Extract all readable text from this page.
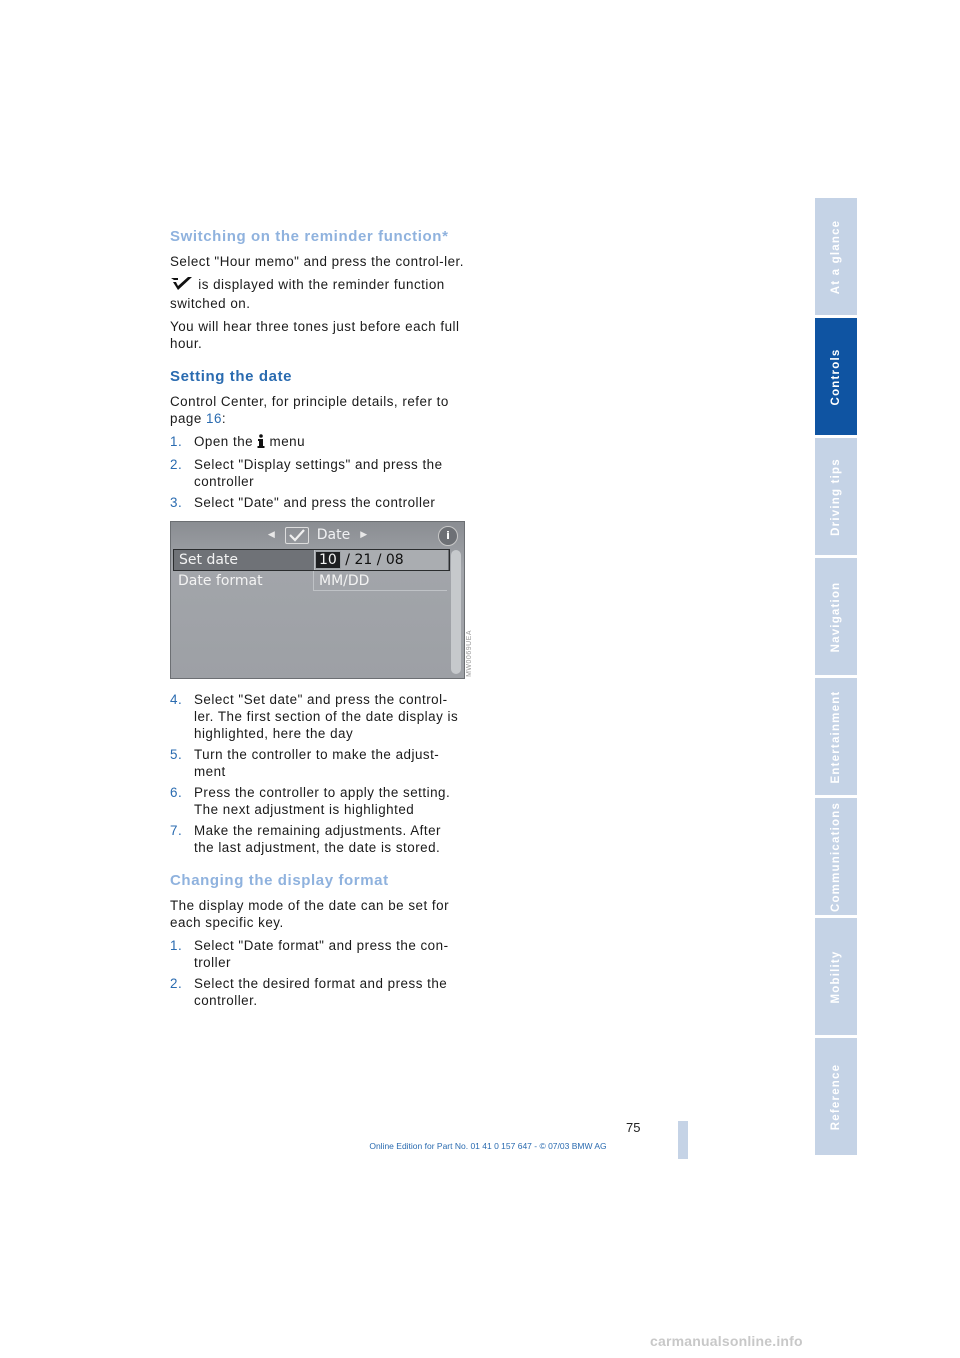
Switching on the reminder function*

Select "Hour memo" and press the control-ler.

is displayed with the reminder function switched on.

You will hear three tones just before each full hour.

Setting the date

Control Center, for principle details, refer to page 16:

1. Open the  menu
2. Select "Display settings" and press the controller
3. Select "Date" and press the controller
◀	Date ▶	i
Set date	10 / 21 / 08
Date format	MM/DD
4. Select "Set date" and press the control-ler. The first section of the date display is highlighted, here the day
5. Turn the controller to make the adjust-ment
6. Press the controller to apply the setting. The next adjustment is highlighted
7. Make the remaining adjustments. After the last adjustment, the date is stored.
Changing the display format

The display mode of the date can be set for each specific key.

1. Select "Date format" and press the con-troller
2. Select the desired format and press the controller.
MW0069UEA
At a glance
Controls
Driving tips
Navigation
Entertainment
Communications
Mobility
Reference
75
Online Edition for Part No. 01 41 0 157 647 - © 07/03 BMW AG
carmanualsonline.info
